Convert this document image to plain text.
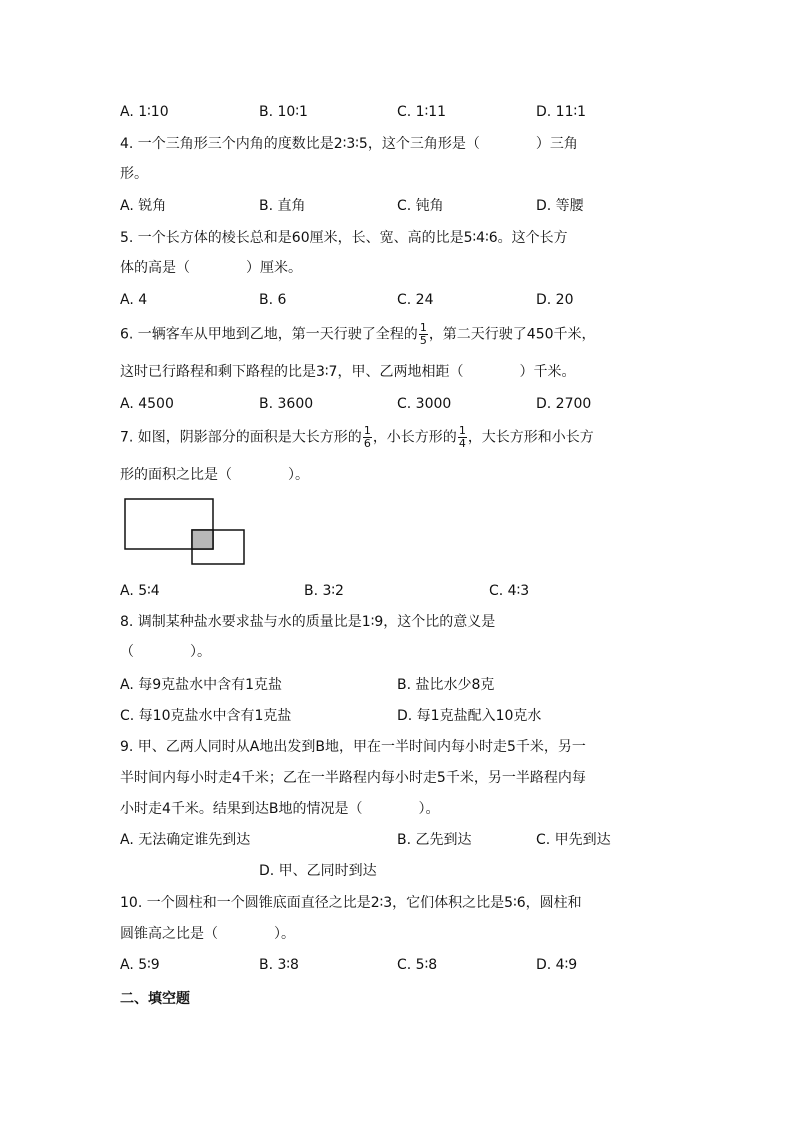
A. 1∶10	B. 10∶1	C. 1∶11	D. 11∶1
4. 一个三角形三个内角的度数比是2∶3∶5，这个三角形是（　　　　）三角
形。
A. 锐角	B. 直角	C. 钝角	D. 等腰
5. 一个长方体的棱长总和是60厘米，长、宽、高的比是5∶4∶6。这个长方
体的高是（　　　　）厘米。
A. 4	B. 6	C. 24	D. 20
6. 一辆客车从甲地到乙地，第一天行驶了全程的 $\frac{1}{5}$ ，第二天行驶了450千米，
这时已行路程和剩下路程的比是3∶7，甲、乙两地相距（　　　　）千米。
A. 4500	B. 3600	C. 3000	D. 2700
7. 如图，阴影部分的面积是大长方形的 $\frac{1}{6}$ ，小长方形的 $\frac{1}{4}$ ，大长方形和小长方
形的面积之比是（　　　　）。
A. 5∶4	B. 3∶2	C. 4∶3
8. 调制某种盐水要求盐与水的质量比是1∶9，这个比的意义是
（　　　　）。
A. 每9克盐水中含有1克盐	B. 盐比水少8克
C. 每10克盐水中含有1克盐	D. 每1克盐配入10克水
9. 甲、乙两人同时从A地出发到B地，甲在一半时间内每小时走5千米，另一
半时间内每小时走4千米；乙在一半路程内每小时走5千米，另一半路程内每
小时走4千米。结果到达B地的情况是（　　　　）。
A. 无法确定谁先到达	B. 乙先到达	C. 甲先到达
D. 甲、乙同时到达
10. 一个圆柱和一个圆锥底面直径之比是2∶3，它们体积之比是5∶6，圆柱和
圆锥高之比是（　　　　）。
A. 5∶9	B. 3∶8	C. 5∶8	D. 4∶9
二、填空题
